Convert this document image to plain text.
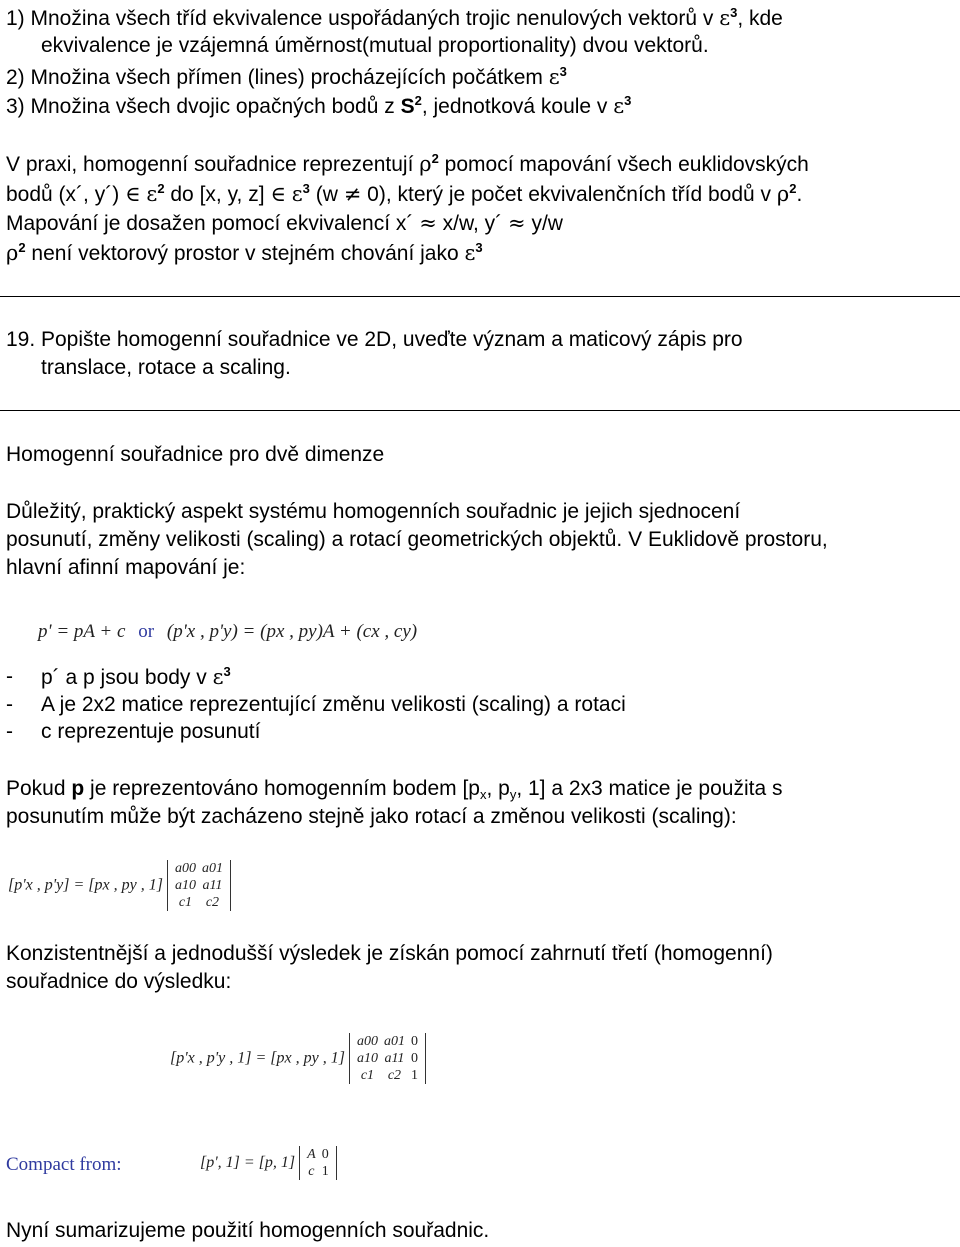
1) Množina všech tříd ekvivalence uspořádaných trojic nenulových vektorů v $\varepsilon^3$, kde
ekvivalence je vzájemná úměrnost(mutual proportionality) dvou vektorů.
2) Množina všech přímen (lines) procházejících počátkem $\varepsilon^3$
3) Množina všech dvojic opačných bodů z $S^2$, jednotková koule v $\varepsilon^3$
V praxi, homogenní souřadnice reprezentují $\rho^2$ pomocí mapování všech euklidovských
bodů (x´, y´) ∈ $\varepsilon^2$ do [x, y, z] ∈ $\varepsilon^3$ (w ≠ 0), který je počet ekvivalenčních tříd bodů v $\rho^2$.
Mapování je dosažen pomocí ekvivalencí x´ ≈ x/w, y´ ≈ y/w
$\rho^2$ není vektorový prostor v stejném chování jako $\varepsilon^3$
19. Popište homogenní souřadnice ve 2D, uveďte význam a maticový zápis pro
translace, rotace a scaling.
Homogenní souřadnice pro dvě dimenze
Důležitý, praktický aspekt systému homogenních souřadnic je jejich sjednocení
posunutí, změny velikosti (scaling) a rotací geometrických objektů. V Euklidově prostoru,
hlavní afinní mapování je:
p' = pA + c or (p'x , p'y) = (px , py)A + (cx , cy)
- p´ a p jsou body v $\varepsilon^3$
- A je 2x2 matice reprezentující změnu velikosti (scaling) a rotaci
- c reprezentuje posunutí
Pokud p je reprezentováno homogenním bodem [$p_x$, $p_y$, 1] a 2x3 matice je použita s
posunutím může být zacházeno stejně jako rotací a změnou velikosti (scaling):
[p'x , p'y] = [px , py , 1]
a00	a01
a10	a11
c1	c2
Konzistentnější a jednodušší výsledek je získán pomocí zahrnutí třetí (homogenní)
souřadnice do výsledku:
[p'x , p'y , 1] = [px , py , 1]
a00	a01	0
a10	a11	0
c1	c2	1
Compact from:	[p', 1] = [p, 1] A	0
c	1
Nyní sumarizujeme použití homogenních souřadnic.
